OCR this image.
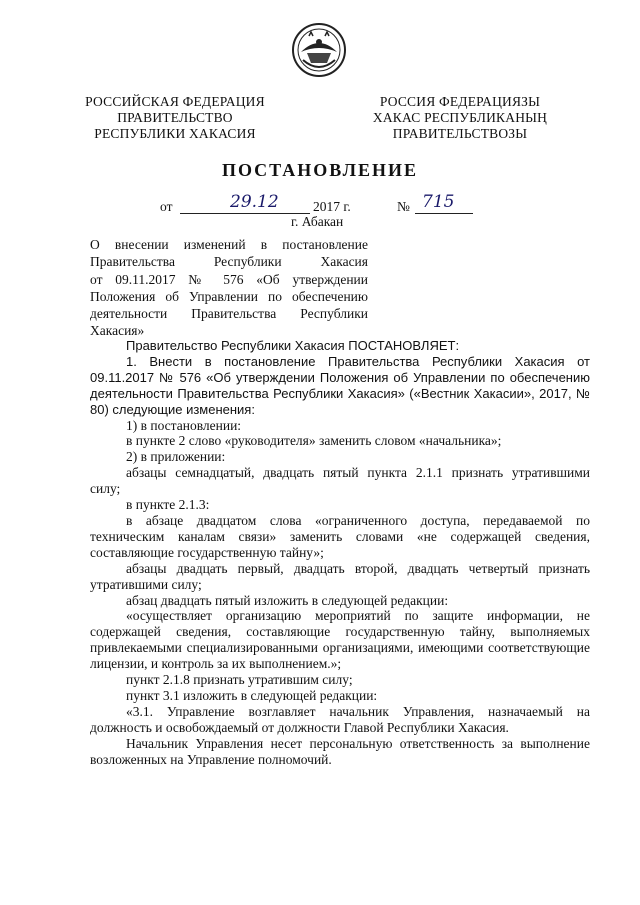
РОССИЙСКАЯ ФЕДЕРАЦИЯ
ПРАВИТЕЛЬСТВО
РЕСПУБЛИКИ ХАКАСИЯ
РОССИЯ ФЕДЕРАЦИЯЗЫ
ХАКАС РЕСПУБЛИКАНЫҢ
ПРАВИТЕЛЬСТВОЗЫ
ПОСТАНОВЛЕНИЕ
от	29.12	2017 г.	№ 715
г. Абакан
О внесении изменений в постановление
Правительства Республики Хакасия
от 09.11.2017 № 576 «Об утверждении
Положения об Управлении по обеспечению
деятельности Правительства Республики
Хакасия»

Правительство Республики Хакасия ПОСТАНОВЛЯЕТ:

1. Внести в постановление Правительства Республики Хакасия от 09.11.2017 № 576 «Об утверждении Положения об Управлении по обеспечению деятельности Правительства Республики Хакасия» («Вестник Хакасии», 2017, № 80) следующие изменения:

1) в постановлении:

в пункте 2 слово «руководителя» заменить словом «начальника»;

2) в приложении:

абзацы семнадцатый, двадцать пятый пункта 2.1.1 признать утратившими силу;

в пункте 2.1.3:

в абзаце двадцатом слова «ограниченного доступа, передаваемой по техническим каналам связи» заменить словами «не содержащей сведения, составляющие государственную тайну»;

абзацы двадцать первый, двадцать второй, двадцать четвертый признать утратившими силу;

абзац двадцать пятый изложить в следующей редакции:

«осуществляет организацию мероприятий по защите информации, не содержащей сведения, составляющие государственную тайну, выполняемых привлекаемыми специализированными организациями, имеющими соответствующие лицензии, и контроль за их выполнением.»;

пункт 2.1.8 признать утратившим силу;

пункт 3.1 изложить в следующей редакции:

«3.1. Управление возглавляет начальник Управления, назначаемый на должность и освобождаемый от должности Главой Республики Хакасия.

Начальник Управления несет персональную ответственность за выполнение возложенных на Управление полномочий.
